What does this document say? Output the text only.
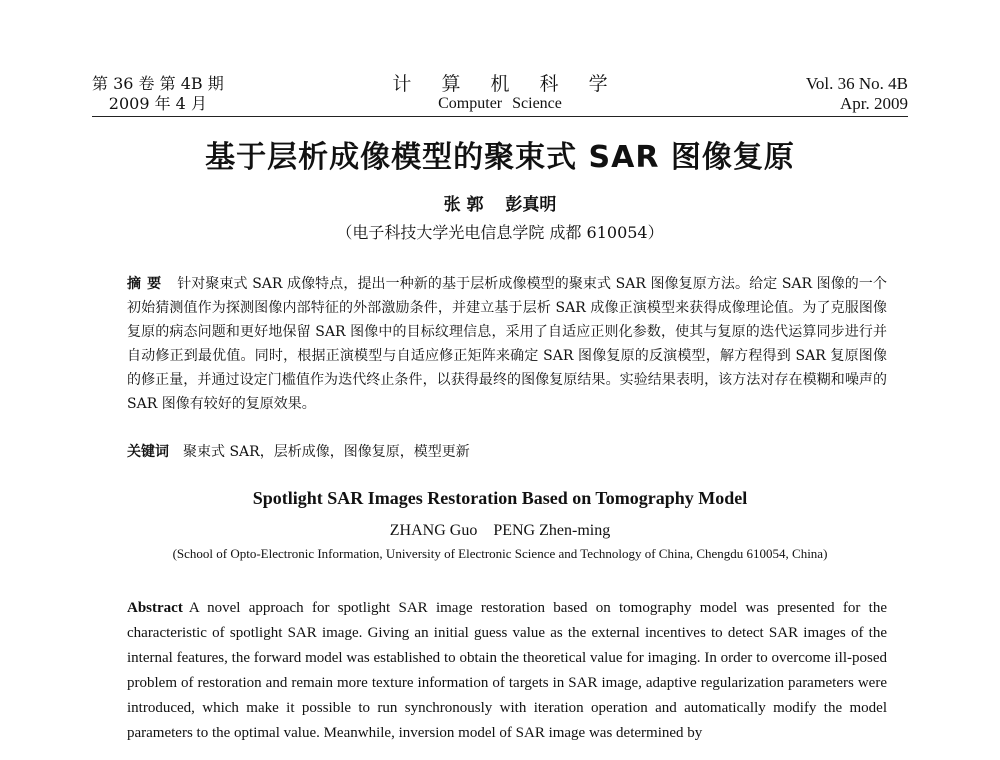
第 36 卷 第 4B 期
2009 年 4 月
计 算 机 科 学
Computer Science
Vol. 36 No. 4B
Apr. 2009
基于层析成像模型的聚束式 SAR 图像复原
张 郭 彭真明
（电子科技大学光电信息学院 成都 610054）
摘要 针对聚束式 SAR 成像特点，提出一种新的基于层析成像模型的聚束式 SAR 图像复原方法。给定 SAR 图像的一个初始猜测值作为探测图像内部特征的外部激励条件，并建立基于层析 SAR 成像正演模型来获得成像理论值。为了克服图像复原的病态问题和更好地保留 SAR 图像中的目标纹理信息，采用了自适应正则化参数，使其与复原的迭代运算同步进行并自动修正到最优值。同时，根据正演模型与自适应修正矩阵来确定 SAR 图像复原的反演模型，解方程得到 SAR 复原图像的修正量，并通过设定门槛值作为迭代终止条件，以获得最终的图像复原结果。实验结果表明，该方法对存在模糊和噪声的 SAR 图像有较好的复原效果。
关键词 聚束式 SAR，层析成像，图像复原，模型更新
Spotlight SAR Images Restoration Based on Tomography Model
ZHANG Guo PENG Zhen-ming
(School of Opto-Electronic Information, University of Electronic Science and Technology of China, Chengdu 610054, China)
Abstract A novel approach for spotlight SAR image restoration based on tomography model was presented for the characteristic of spotlight SAR image. Giving an initial guess value as the external incentives to detect SAR images of the internal features, the forward model was established to obtain the theoretical value for imaging. In order to overcome ill-posed problem of restoration and remain more texture information of targets in SAR image, adaptive regularization parameters were introduced, which make it possible to run synchronously with iteration operation and automatically modify the model parameters to the optimal value. Meanwhile, inversion model of SAR image was determined by
